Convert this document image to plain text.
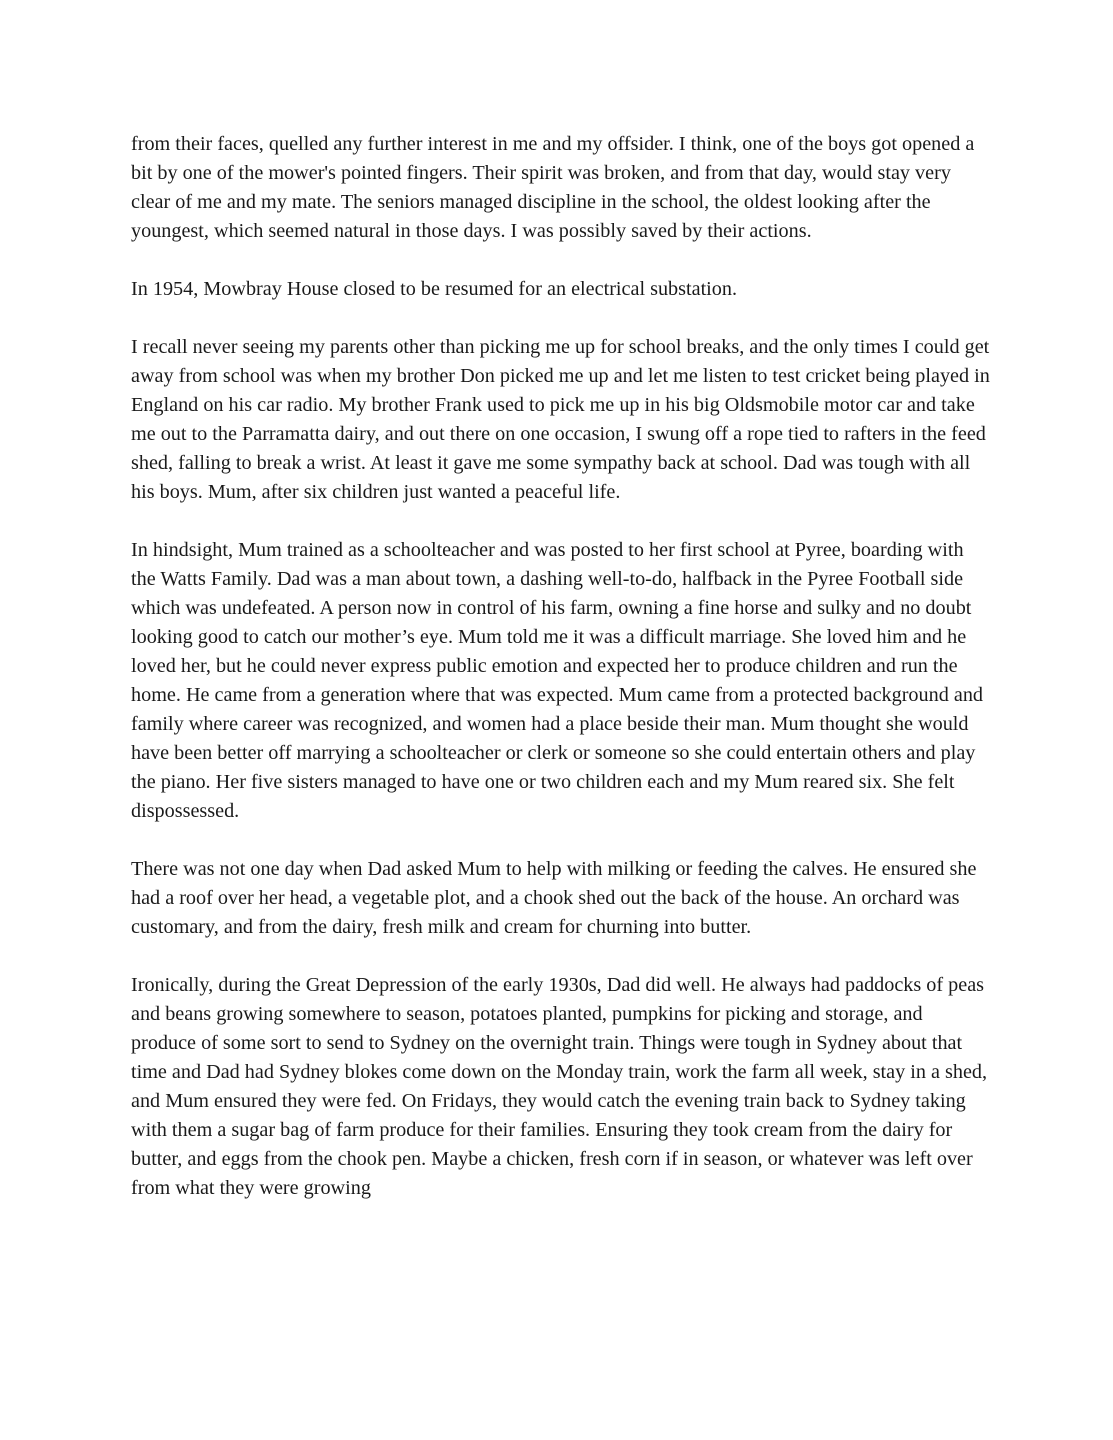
from their faces, quelled any further interest in me and my offsider. I think, one of the boys got opened a bit by one of the mower's pointed fingers. Their spirit was broken, and from that day, would stay very clear of me and my mate. The seniors managed discipline in the school, the oldest looking after the youngest, which seemed natural in those days. I was possibly saved by their actions.

In 1954, Mowbray House closed to be resumed for an electrical substation.

I recall never seeing my parents other than picking me up for school breaks, and the only times I could get away from school was when my brother Don picked me up and let me listen to test cricket being played in England on his car radio. My brother Frank used to pick me up in his big Oldsmobile motor car and take me out to the Parramatta dairy, and out there on one occasion, I swung off a rope tied to rafters in the feed shed, falling to break a wrist. At least it gave me some sympathy back at school. Dad was tough with all his boys. Mum, after six children just wanted a peaceful life.

In hindsight, Mum trained as a schoolteacher and was posted to her first school at Pyree, boarding with the Watts Family. Dad was a man about town, a dashing well-to-do, halfback in the Pyree Football side which was undefeated. A person now in control of his farm, owning a fine horse and sulky and no doubt looking good to catch our mother’s eye. Mum told me it was a difficult marriage. She loved him and he loved her, but he could never express public emotion and expected her to produce children and run the home. He came from a generation where that was expected. Mum came from a protected background and family where career was recognized, and women had a place beside their man. Mum thought she would have been better off marrying a schoolteacher or clerk or someone so she could entertain others and play the piano. Her five sisters managed to have one or two children each and my Mum reared six. She felt dispossessed.

There was not one day when Dad asked Mum to help with milking or feeding the calves. He ensured she had a roof over her head, a vegetable plot, and a chook shed out the back of the house. An orchard was customary, and from the dairy, fresh milk and cream for churning into butter.

Ironically, during the Great Depression of the early 1930s, Dad did well. He always had paddocks of peas and beans growing somewhere to season, potatoes planted, pumpkins for picking and storage, and produce of some sort to send to Sydney on the overnight train. Things were tough in Sydney about that time and Dad had Sydney blokes come down on the Monday train, work the farm all week, stay in a shed, and Mum ensured they were fed. On Fridays, they would catch the evening train back to Sydney taking with them a sugar bag of farm produce for their families. Ensuring they took cream from the dairy for butter, and eggs from the chook pen. Maybe a chicken, fresh corn if in season, or whatever was left over from what they were growing
